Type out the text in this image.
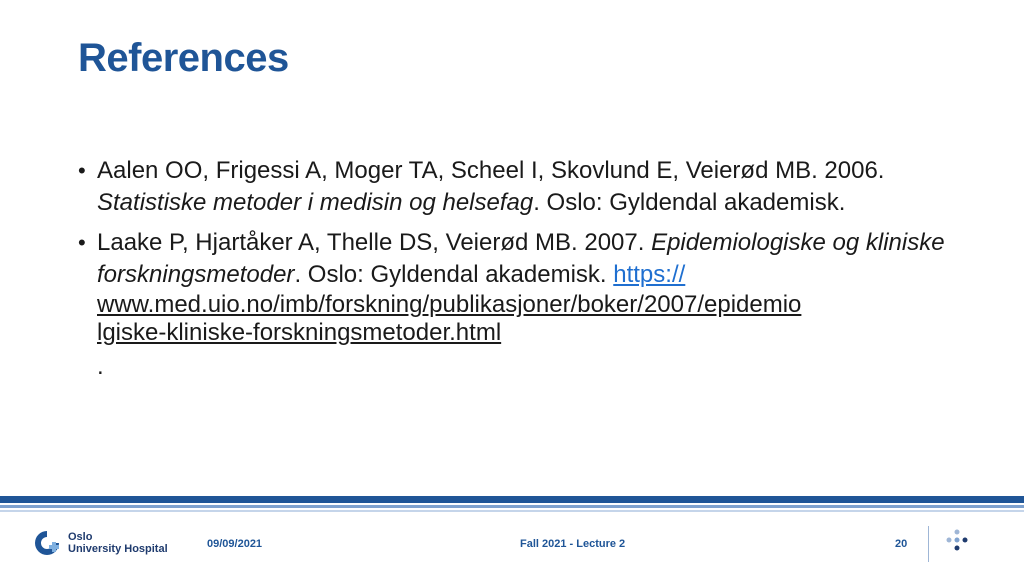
References
• Aalen OO, Frigessi A, Moger TA, Scheel I, Skovlund E, Veierød MB. 2006. Statistiske metoder i medisin og helsefag. Oslo: Gyldendal akademisk.
• Laake P, Hjartåker A, Thelle DS, Veierød MB. 2007. Epidemiologiske og kliniske forskningsmetoder. Oslo: Gyldendal akademisk. https://
www.med.uio.no/imb/forskning/publikasjoner/boker/2007/epidemio
lgiske-kliniske-forskningsmetoder.html
.
Oslo
University Hospital	09/09/2021	Fall 2021 - Lecture 2	20
